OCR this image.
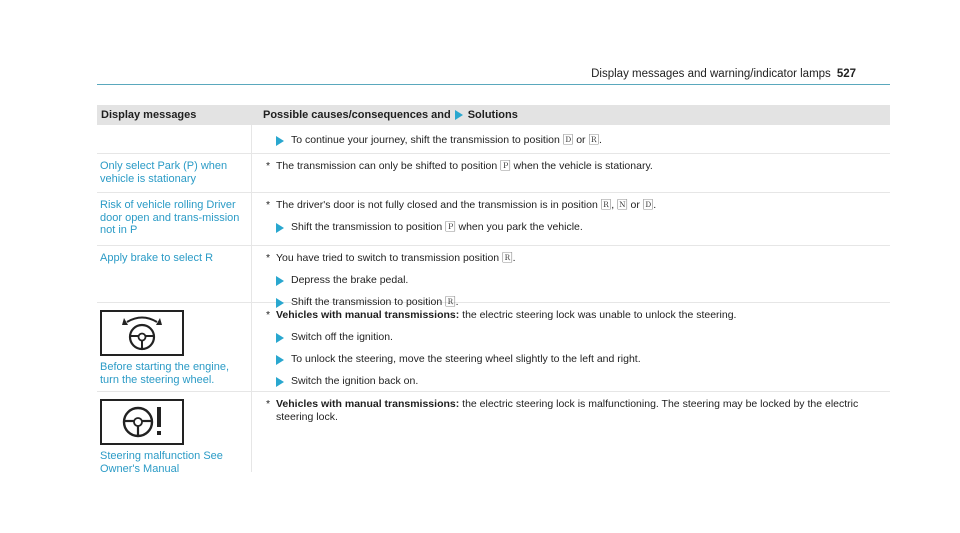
Display messages and warning/indicator lamps 527
Display messages	Possible causes/consequences and Solutions
To continue your journey, shift the transmission to position 🄳 or 🅁.
Only select Park (P) when vehicle is stationary
* The transmission can only be shifted to position 🄿 when the vehicle is stationary.
Risk of vehicle rolling Driver door open and trans-mission not in P
* The driver's door is not fully closed and the transmission is in position 🅁, 🄽 or 🄳.
Shift the transmission to position 🄿 when you park the vehicle.
Apply brake to select R	* You have tried to switch to transmission position 🅁.
Depress the brake pedal.
Shift the transmission to position 🅁.
Before starting the engine, turn the steering wheel.
* Vehicles with manual transmissions: the electric steering lock was unable to unlock the steering.
Switch off the ignition.
To unlock the steering, move the steering wheel slightly to the left and right.
Switch the ignition back on.
Steering malfunction See Owner's Manual
* Vehicles with manual transmissions: the electric steering lock is malfunctioning. The steering may be locked by the electric steering lock.
